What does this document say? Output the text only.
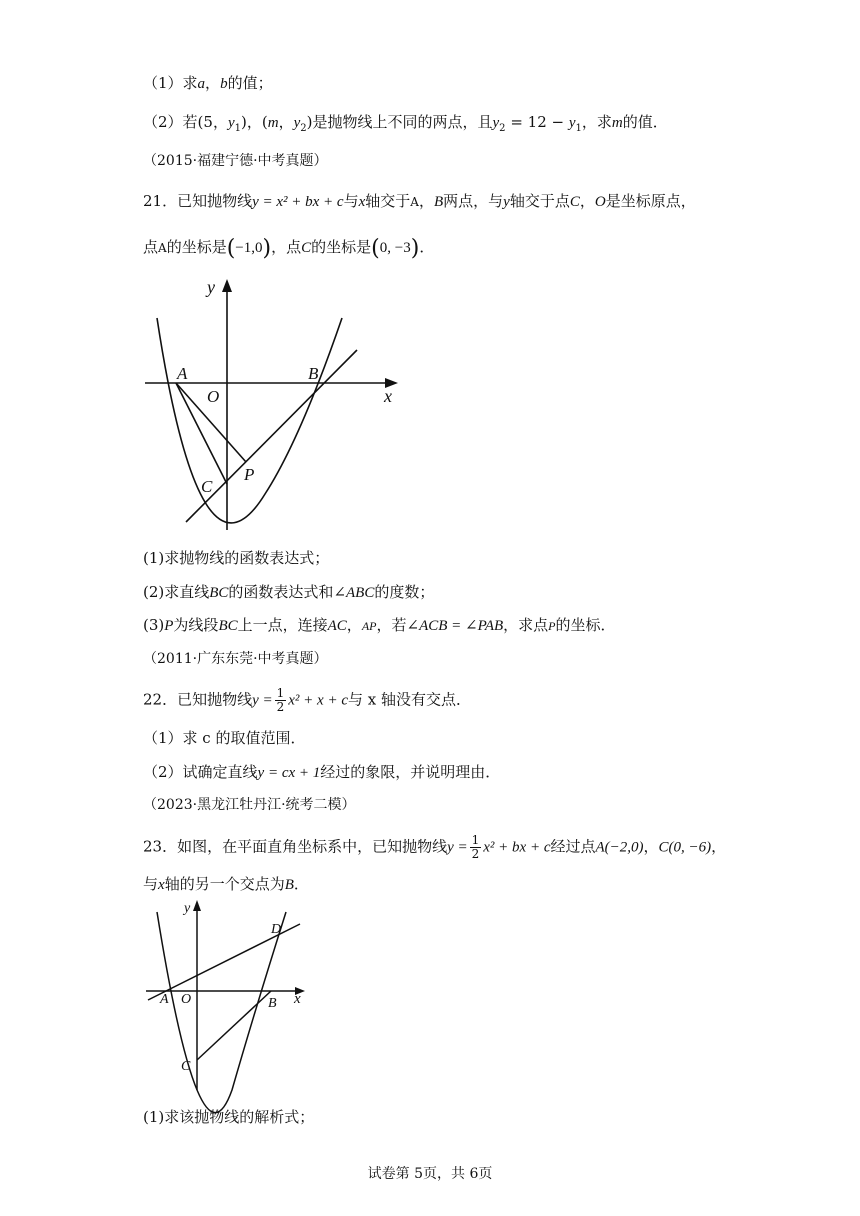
（1）求a，b的值；
（2）若(5，$y_1$)，(m，$y_2$)是抛物线上不同的两点，且$y_2 = 12 - y_1$，求m的值．
（2015·福建宁德·中考真题）
21．已知抛物线y = x² + bx + c与x轴交于A，B两点，与y轴交于点C，O是坐标原点，
点A的坐标是(−1,0)，点C的坐标是(0, −3)．
y
x
A
O
B
C
P
(1)求抛物线的函数表达式；
(2)求直线BC的函数表达式和∠ABC的度数；
(3)P为线段BC上一点，连接AC，AP，若∠ACB = ∠PAB，求点P的坐标．
（2011·广东东莞·中考真题）
22．已知抛物线$y = \frac{1}{2} x^2 + x + c$与 x 轴没有交点．
（1）求 c 的取值范围．
（2）试确定直线y = cx + 1经过的象限，并说明理由．
（2023·黑龙江牡丹江·统考二模）
23．如图，在平面直角坐标系中，已知抛物线$y = \frac{1}{2} x^2$ + bx + c经过点A(−2,0)，C(0, −6)，
与x轴的另一个交点为B．
y
x
D
A O	B
C
(1)求该抛物线的解析式；
试卷第 5页，共 6页
